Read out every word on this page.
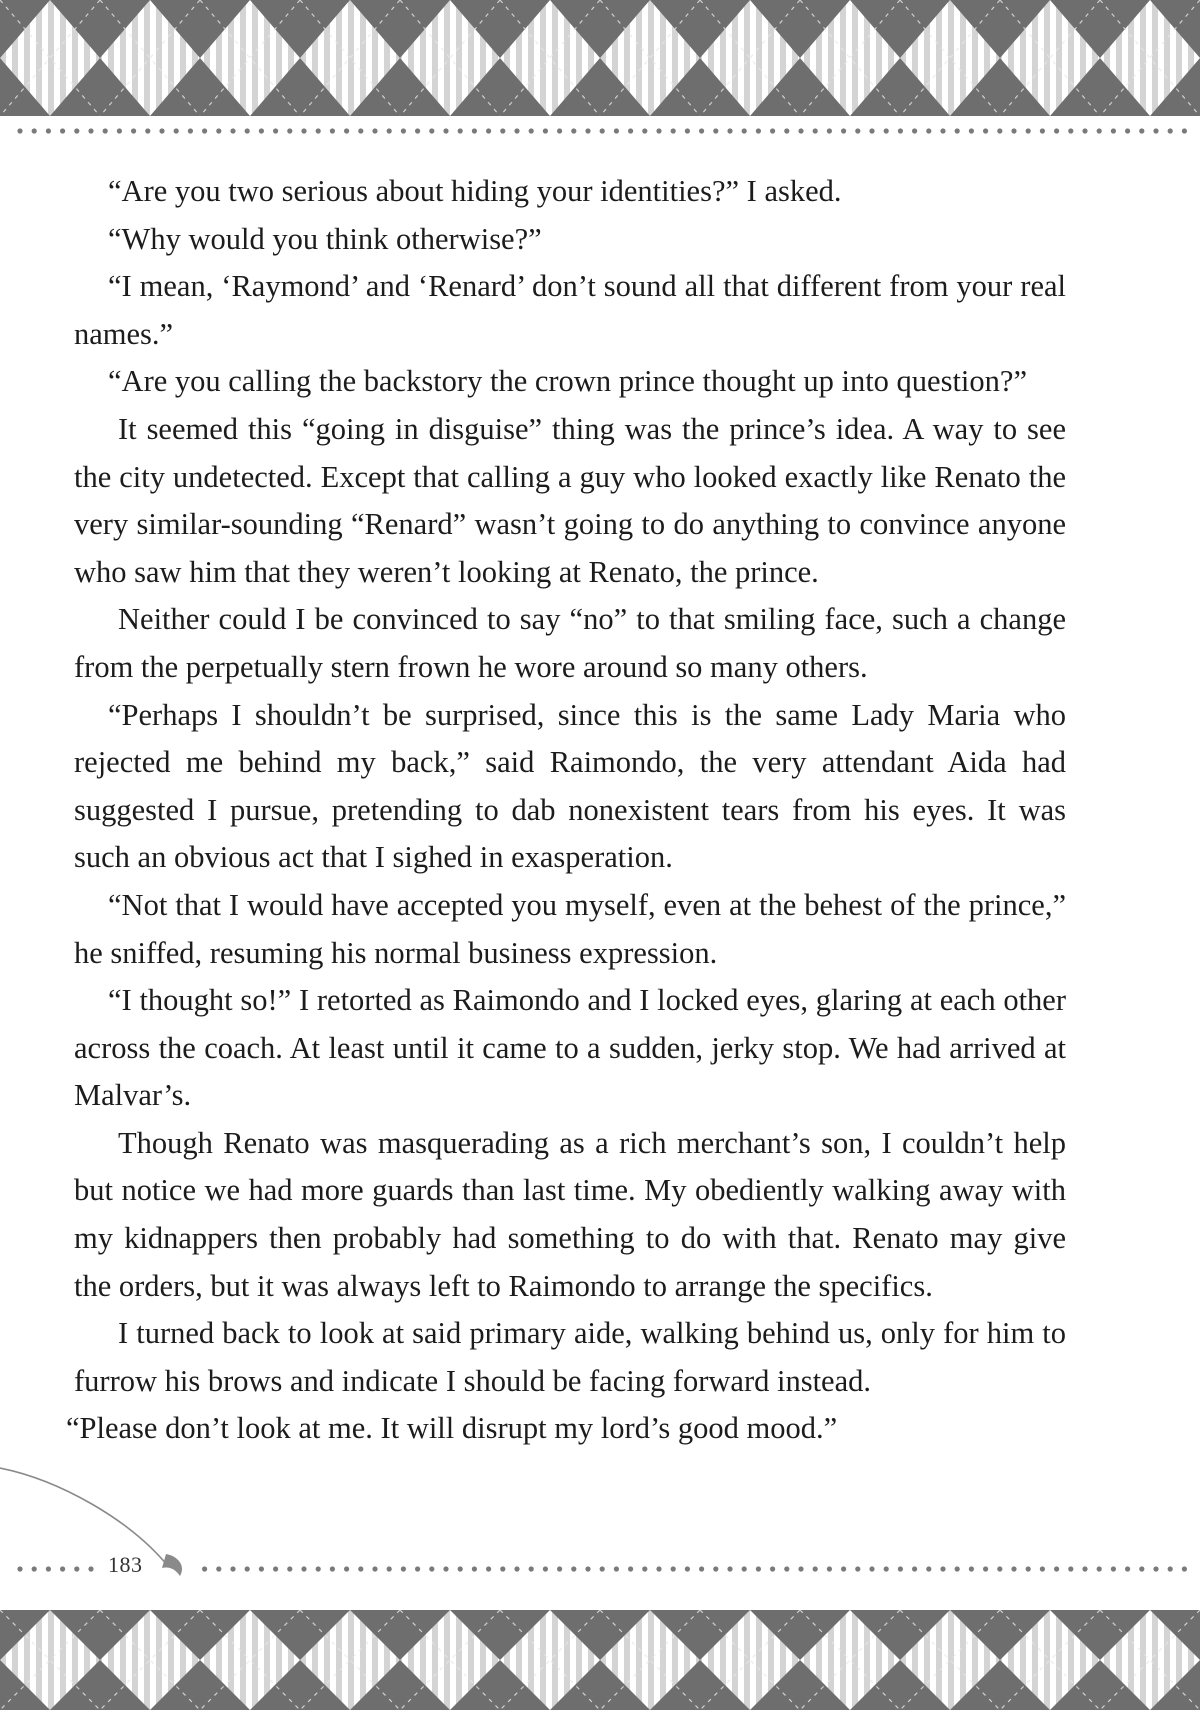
“Are you two serious about hiding your identities?” I asked.

“Why would you think otherwise?”

“I mean, ‘Raymond’ and ‘Renard’ don’t sound all that different from your real names.”

“Are you calling the backstory the crown prince thought up into question?”

It seemed this “going in disguise” thing was the prince’s idea. A way to see the city undetected. Except that calling a guy who looked exactly like Renato the very similar-sounding “Renard” wasn’t going to do anything to convince anyone who saw him that they weren’t looking at Renato, the prince.

Neither could I be convinced to say “no” to that smiling face, such a change from the perpetually stern frown he wore around so many others.

“Perhaps I shouldn’t be surprised, since this is the same Lady Maria who rejected me behind my back,” said Raimondo, the very attendant Aida had suggested I pursue, pretending to dab nonexistent tears from his eyes. It was such an obvious act that I sighed in exasperation.

“Not that I would have accepted you myself, even at the behest of the prince,” he sniffed, resuming his normal business expression.

“I thought so!” I retorted as Raimondo and I locked eyes, glaring at each other across the coach. At least until it came to a sudden, jerky stop. We had arrived at Malvar’s.

Though Renato was masquerading as a rich merchant’s son, I couldn’t help but notice we had more guards than last time. My obediently walking away with my kidnappers then probably had something to do with that. Renato may give the orders, but it was always left to Raimondo to arrange the specifics.

I turned back to look at said primary aide, walking behind us, only for him to furrow his brows and indicate I should be facing forward instead.

“Please don’t look at me. It will disrupt my lord’s good mood.”

183
